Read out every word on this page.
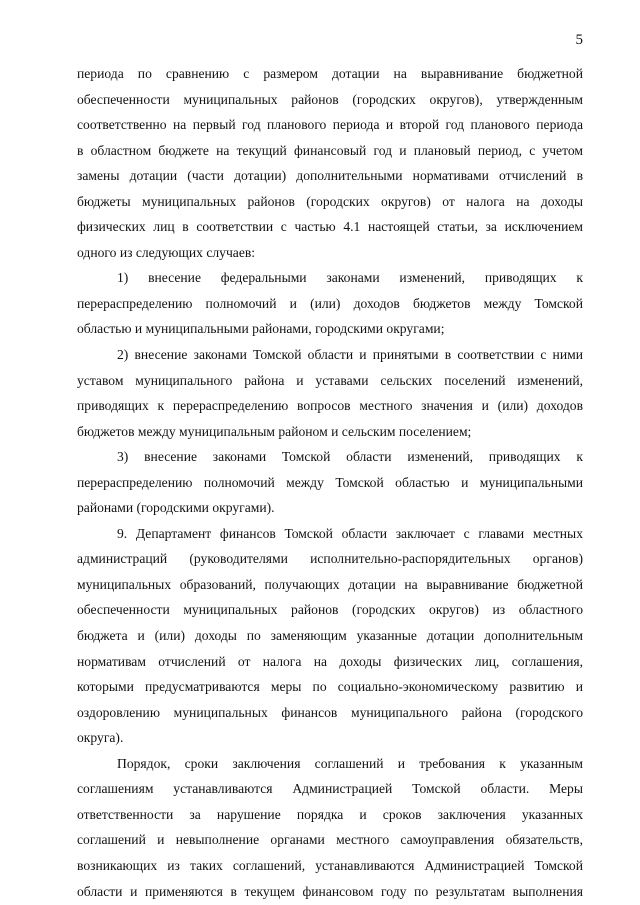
5
периода по сравнению с размером дотации на выравнивание бюджетной
обеспеченности муниципальных районов (городских округов), утвержденным
соответственно на первый год планового периода и второй год планового периода
в областном бюджете на текущий финансовый год и плановый период, с учетом
замены дотации (части дотации) дополнительными нормативами отчислений в
бюджеты муниципальных районов (городских округов) от налога на доходы
физических лиц в соответствии с частью 4.1 настоящей статьи, за исключением
одного из следующих случаев:
1) внесение федеральными законами изменений, приводящих к
перераспределению полномочий и (или) доходов бюджетов между Томской
областью и муниципальными районами, городскими округами;
2) внесение законами Томской области и принятыми в соответствии с ними
уставом муниципального района и уставами сельских поселений изменений,
приводящих к перераспределению вопросов местного значения и (или) доходов
бюджетов между муниципальным районом и сельским поселением;
3) внесение законами Томской области изменений, приводящих к
перераспределению полномочий между Томской областью и муниципальными
районами (городскими округами).
9. Департамент финансов Томской области заключает с главами местных
администраций (руководителями исполнительно-распорядительных органов)
муниципальных образований, получающих дотации на выравнивание бюджетной
обеспеченности муниципальных районов (городских округов) из областного
бюджета и (или) доходы по заменяющим указанные дотации дополнительным
нормативам отчислений от налога на доходы физических лиц, соглашения,
которыми предусматриваются меры по социально-экономическому развитию и
оздоровлению муниципальных финансов муниципального района (городского
округа).
Порядок, сроки заключения соглашений и требования к указанным
соглашениям устанавливаются Администрацией Томской области. Меры
ответственности за нарушение порядка и сроков заключения указанных
соглашений и невыполнение органами местного самоуправления обязательств,
возникающих из таких соглашений, устанавливаются Администрацией Томской
области и применяются в текущем финансовом году по результатам выполнения
